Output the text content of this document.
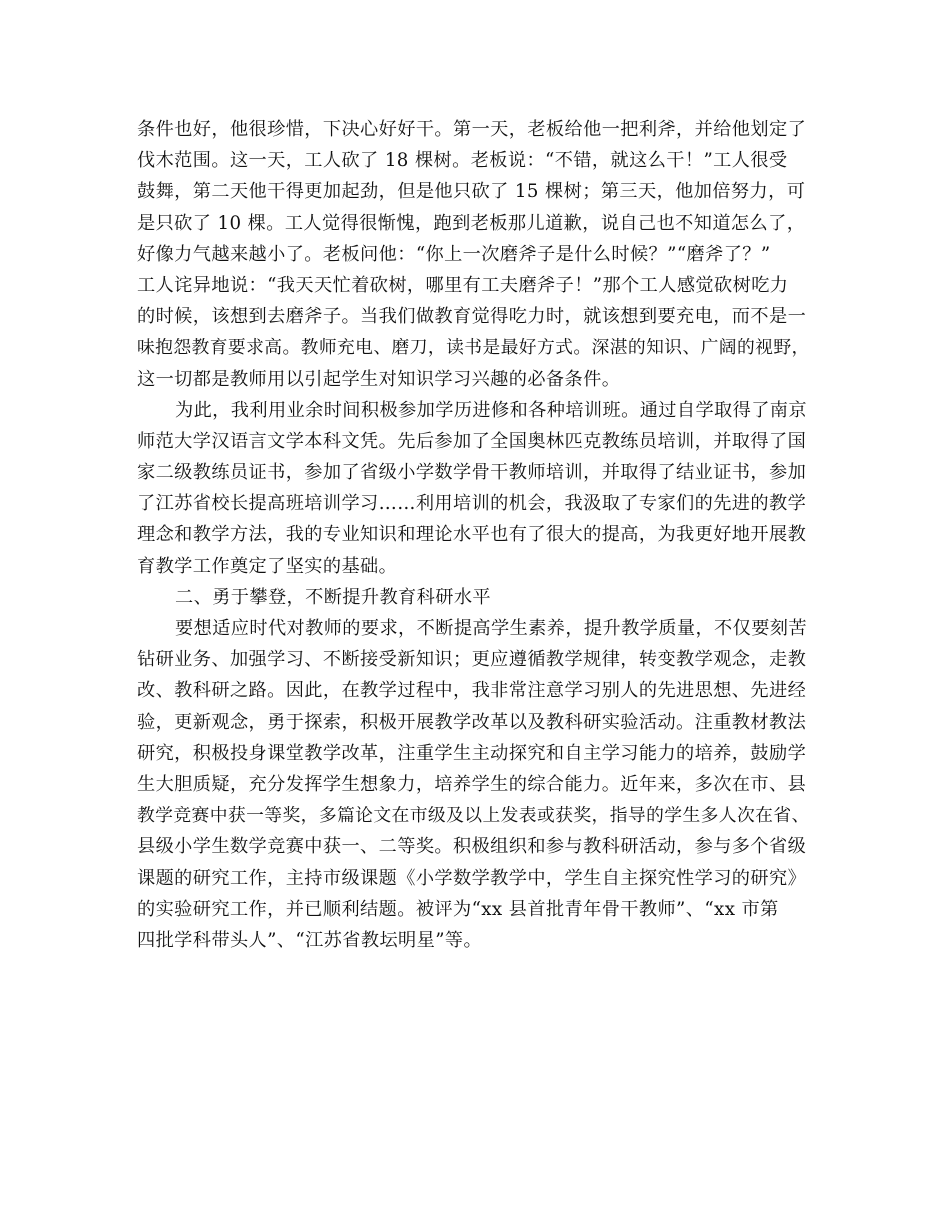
条件也好，他很珍惜，下决心好好干。第一天，老板给他一把利斧，并给他划定了
伐木范围。这一天，工人砍了 18 棵树。老板说：“不错，就这么干！”工人很受
鼓舞，第二天他干得更加起劲，但是他只砍了 15 棵树；第三天，他加倍努力，可
是只砍了 10 棵。工人觉得很惭愧，跑到老板那儿道歉，说自己也不知道怎么了，
好像力气越来越小了。老板问他：“你上一次磨斧子是什么时候？”“磨斧了？”
工人诧异地说：“我天天忙着砍树，哪里有工夫磨斧子！”那个工人感觉砍树吃力
的时候，该想到去磨斧子。当我们做教育觉得吃力时，就该想到要充电，而不是一
味抱怨教育要求高。教师充电、磨刀，读书是最好方式。深湛的知识、广阔的视野，
这一切都是教师用以引起学生对知识学习兴趣的必备条件。
为此，我利用业余时间积极参加学历进修和各种培训班。通过自学取得了南京
师范大学汉语言文学本科文凭。先后参加了全国奥林匹克教练员培训，并取得了国
家二级教练员证书，参加了省级小学数学骨干教师培训，并取得了结业证书，参加
了江苏省校长提高班培训学习……利用培训的机会，我汲取了专家们的先进的教学
理念和教学方法，我的专业知识和理论水平也有了很大的提高，为我更好地开展教
育教学工作奠定了坚实的基础。
二、勇于攀登，不断提升教育科研水平
要想适应时代对教师的要求，不断提高学生素养，提升教学质量，不仅要刻苦
钻研业务、加强学习、不断接受新知识；更应遵循教学规律，转变教学观念，走教
改、教科研之路。因此，在教学过程中，我非常注意学习别人的先进思想、先进经
验，更新观念，勇于探索，积极开展教学改革以及教科研实验活动。注重教材教法
研究，积极投身课堂教学改革，注重学生主动探究和自主学习能力的培养，鼓励学
生大胆质疑，充分发挥学生想象力，培养学生的综合能力。近年来，多次在市、县
教学竞赛中获一等奖，多篇论文在市级及以上发表或获奖，指导的学生多人次在省、
县级小学生数学竞赛中获一、二等奖。积极组织和参与教科研活动，参与多个省级
课题的研究工作，主持市级课题《小学数学教学中，学生自主探究性学习的研究》
的实验研究工作，并已顺利结题。被评为“xx 县首批青年骨干教师”、“xx 市第
四批学科带头人”、“江苏省教坛明星”等。
